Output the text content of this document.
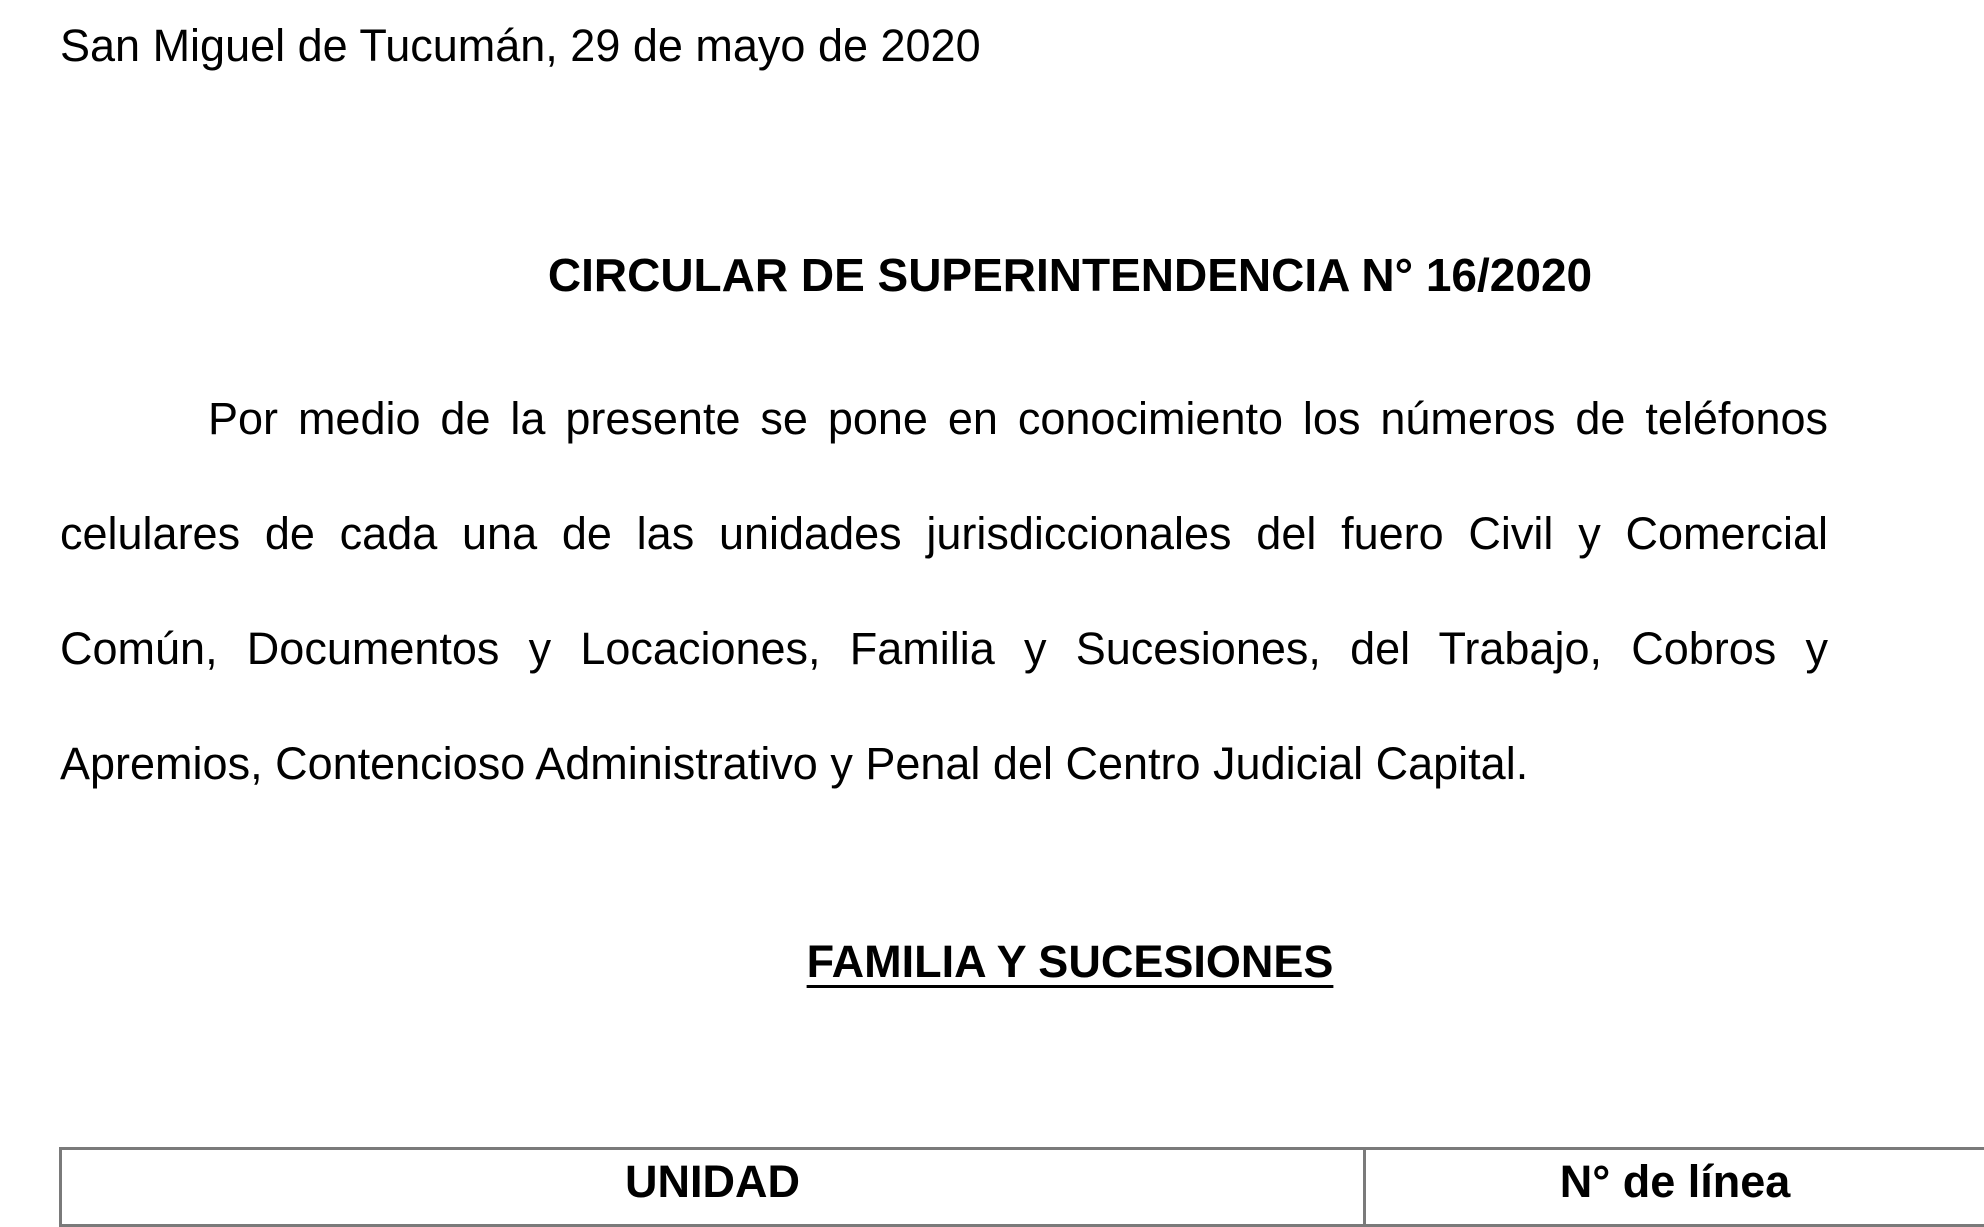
San Miguel de Tucumán, 29 de mayo de 2020
CIRCULAR DE SUPERINTENDENCIA N° 16/2020

Por medio de la presente se pone en conocimiento los números de teléfonos celulares de cada una de las unidades jurisdiccionales del fuero Civil y Comercial Común, Documentos y Locaciones, Familia y Sucesiones, del Trabajo, Cobros y Apremios, Contencioso Administrativo y Penal del Centro Judicial Capital.

FAMILIA Y SUCESIONES
UNIDAD	N° de línea
